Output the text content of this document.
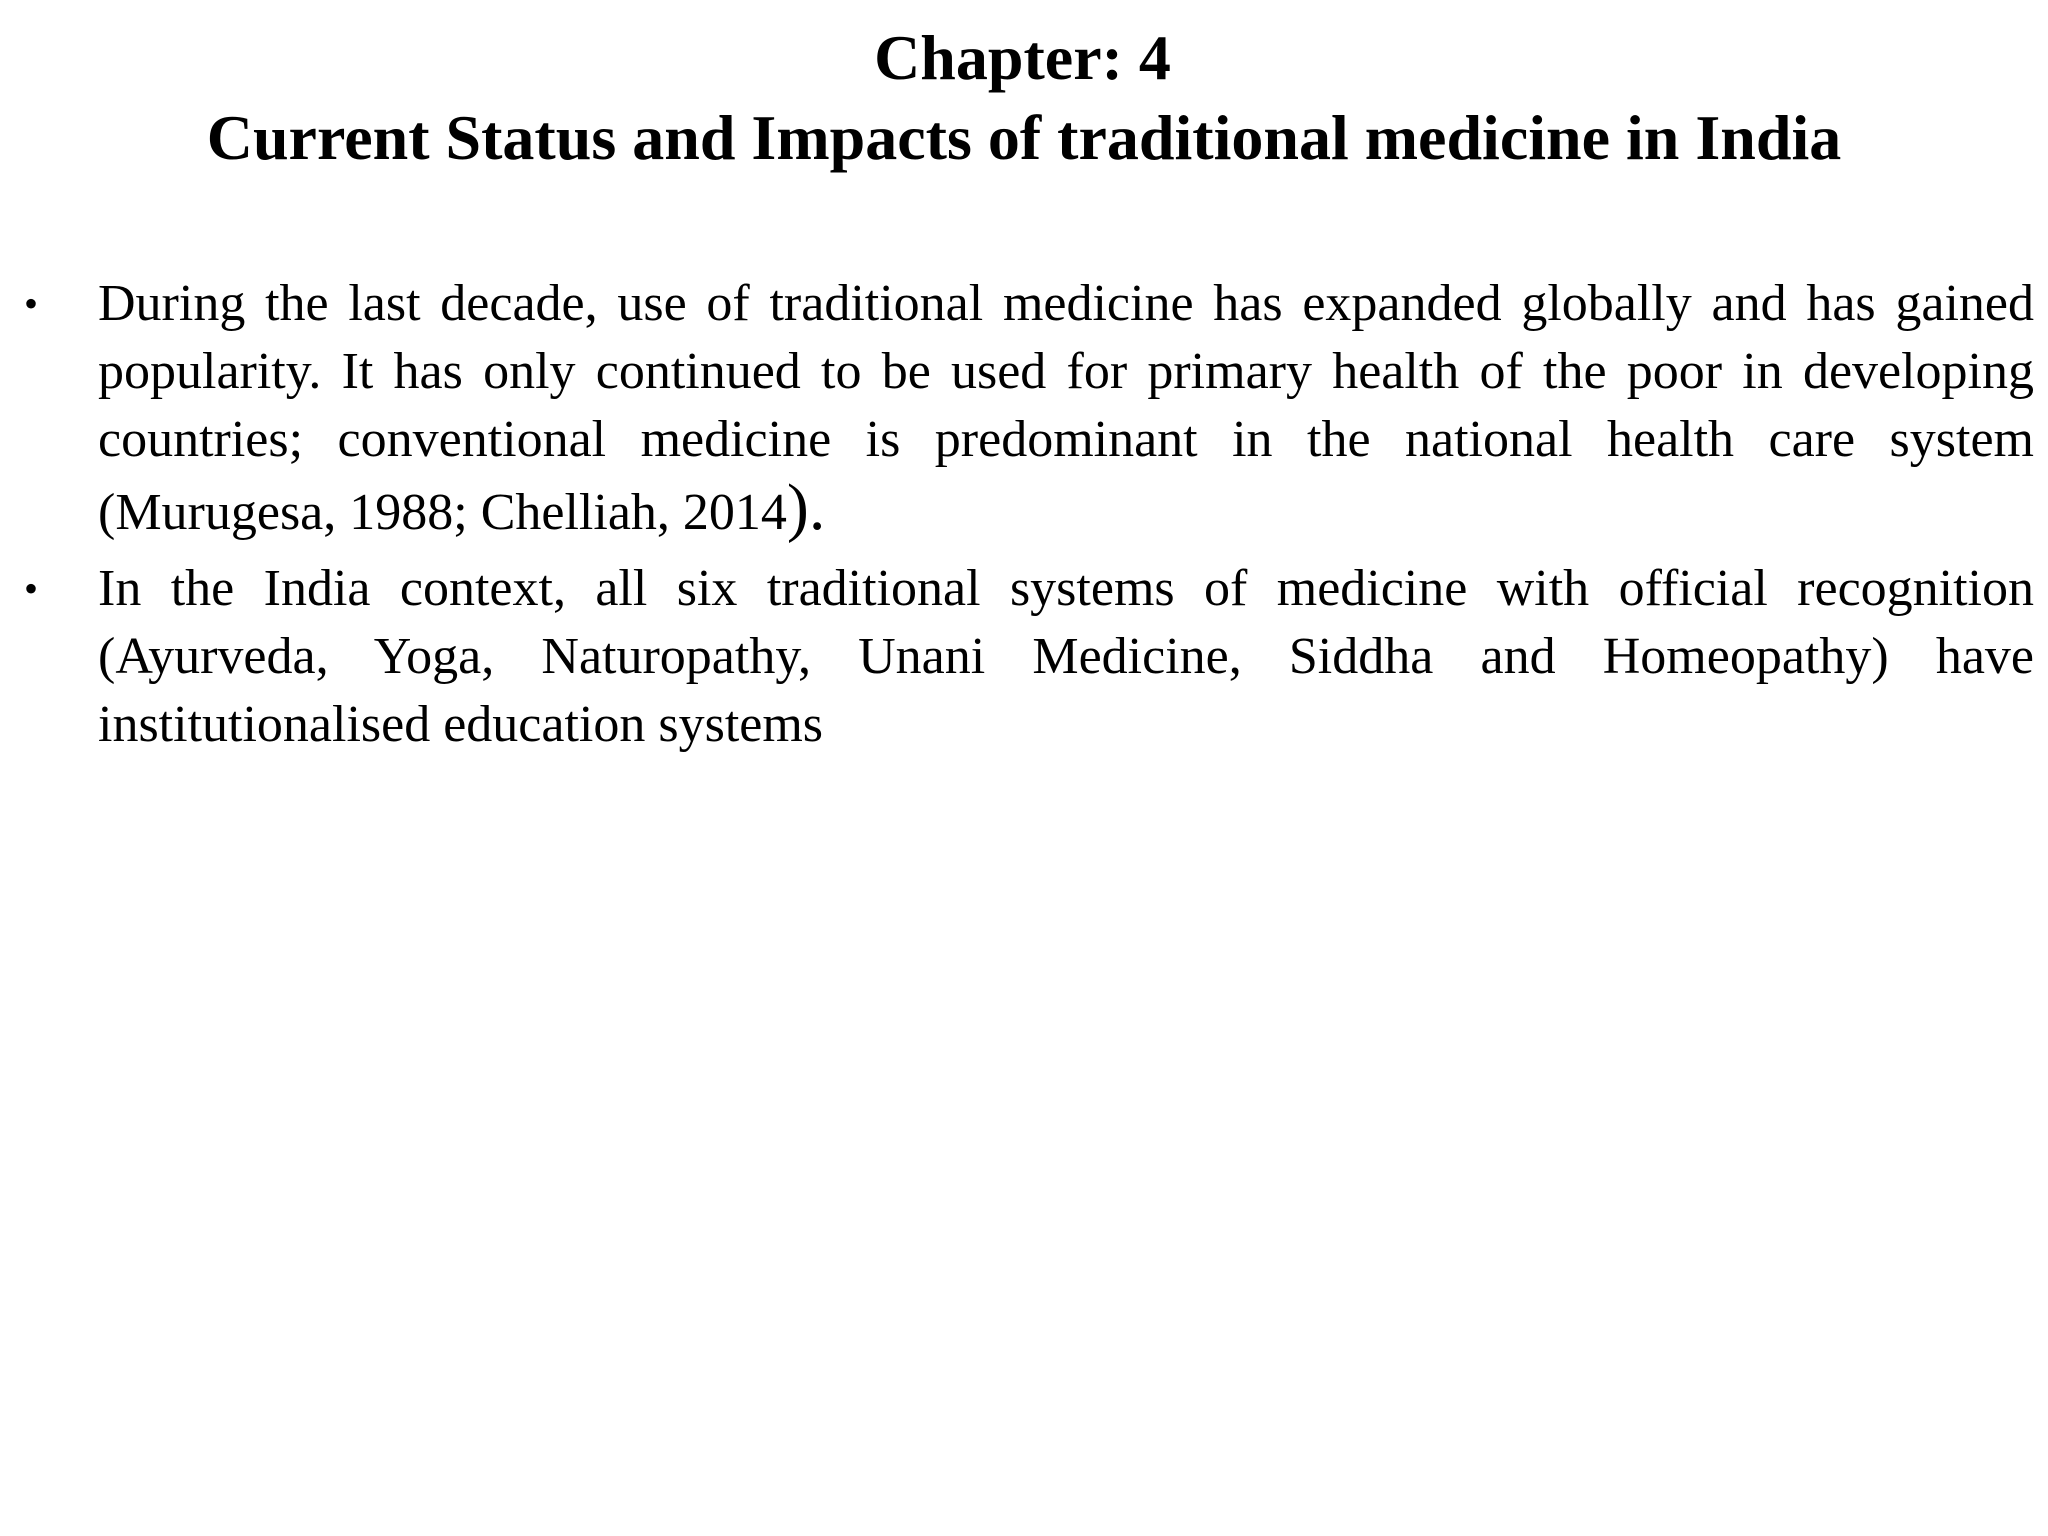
Chapter: 4
Current Status and Impacts of traditional medicine in India
•	During the last decade, use of traditional medicine has expanded globally and has gained popularity. It has only continued to be used for primary health of the poor in developing countries; conventional medicine is predominant in the national health care system (Murugesa, 1988; Chelliah, 2014).
•	In the India context, all six traditional systems of medicine with official recognition (Ayurveda, Yoga, Naturopathy, Unani Medicine, Siddha and Homeopathy) have institutionalised education systems
